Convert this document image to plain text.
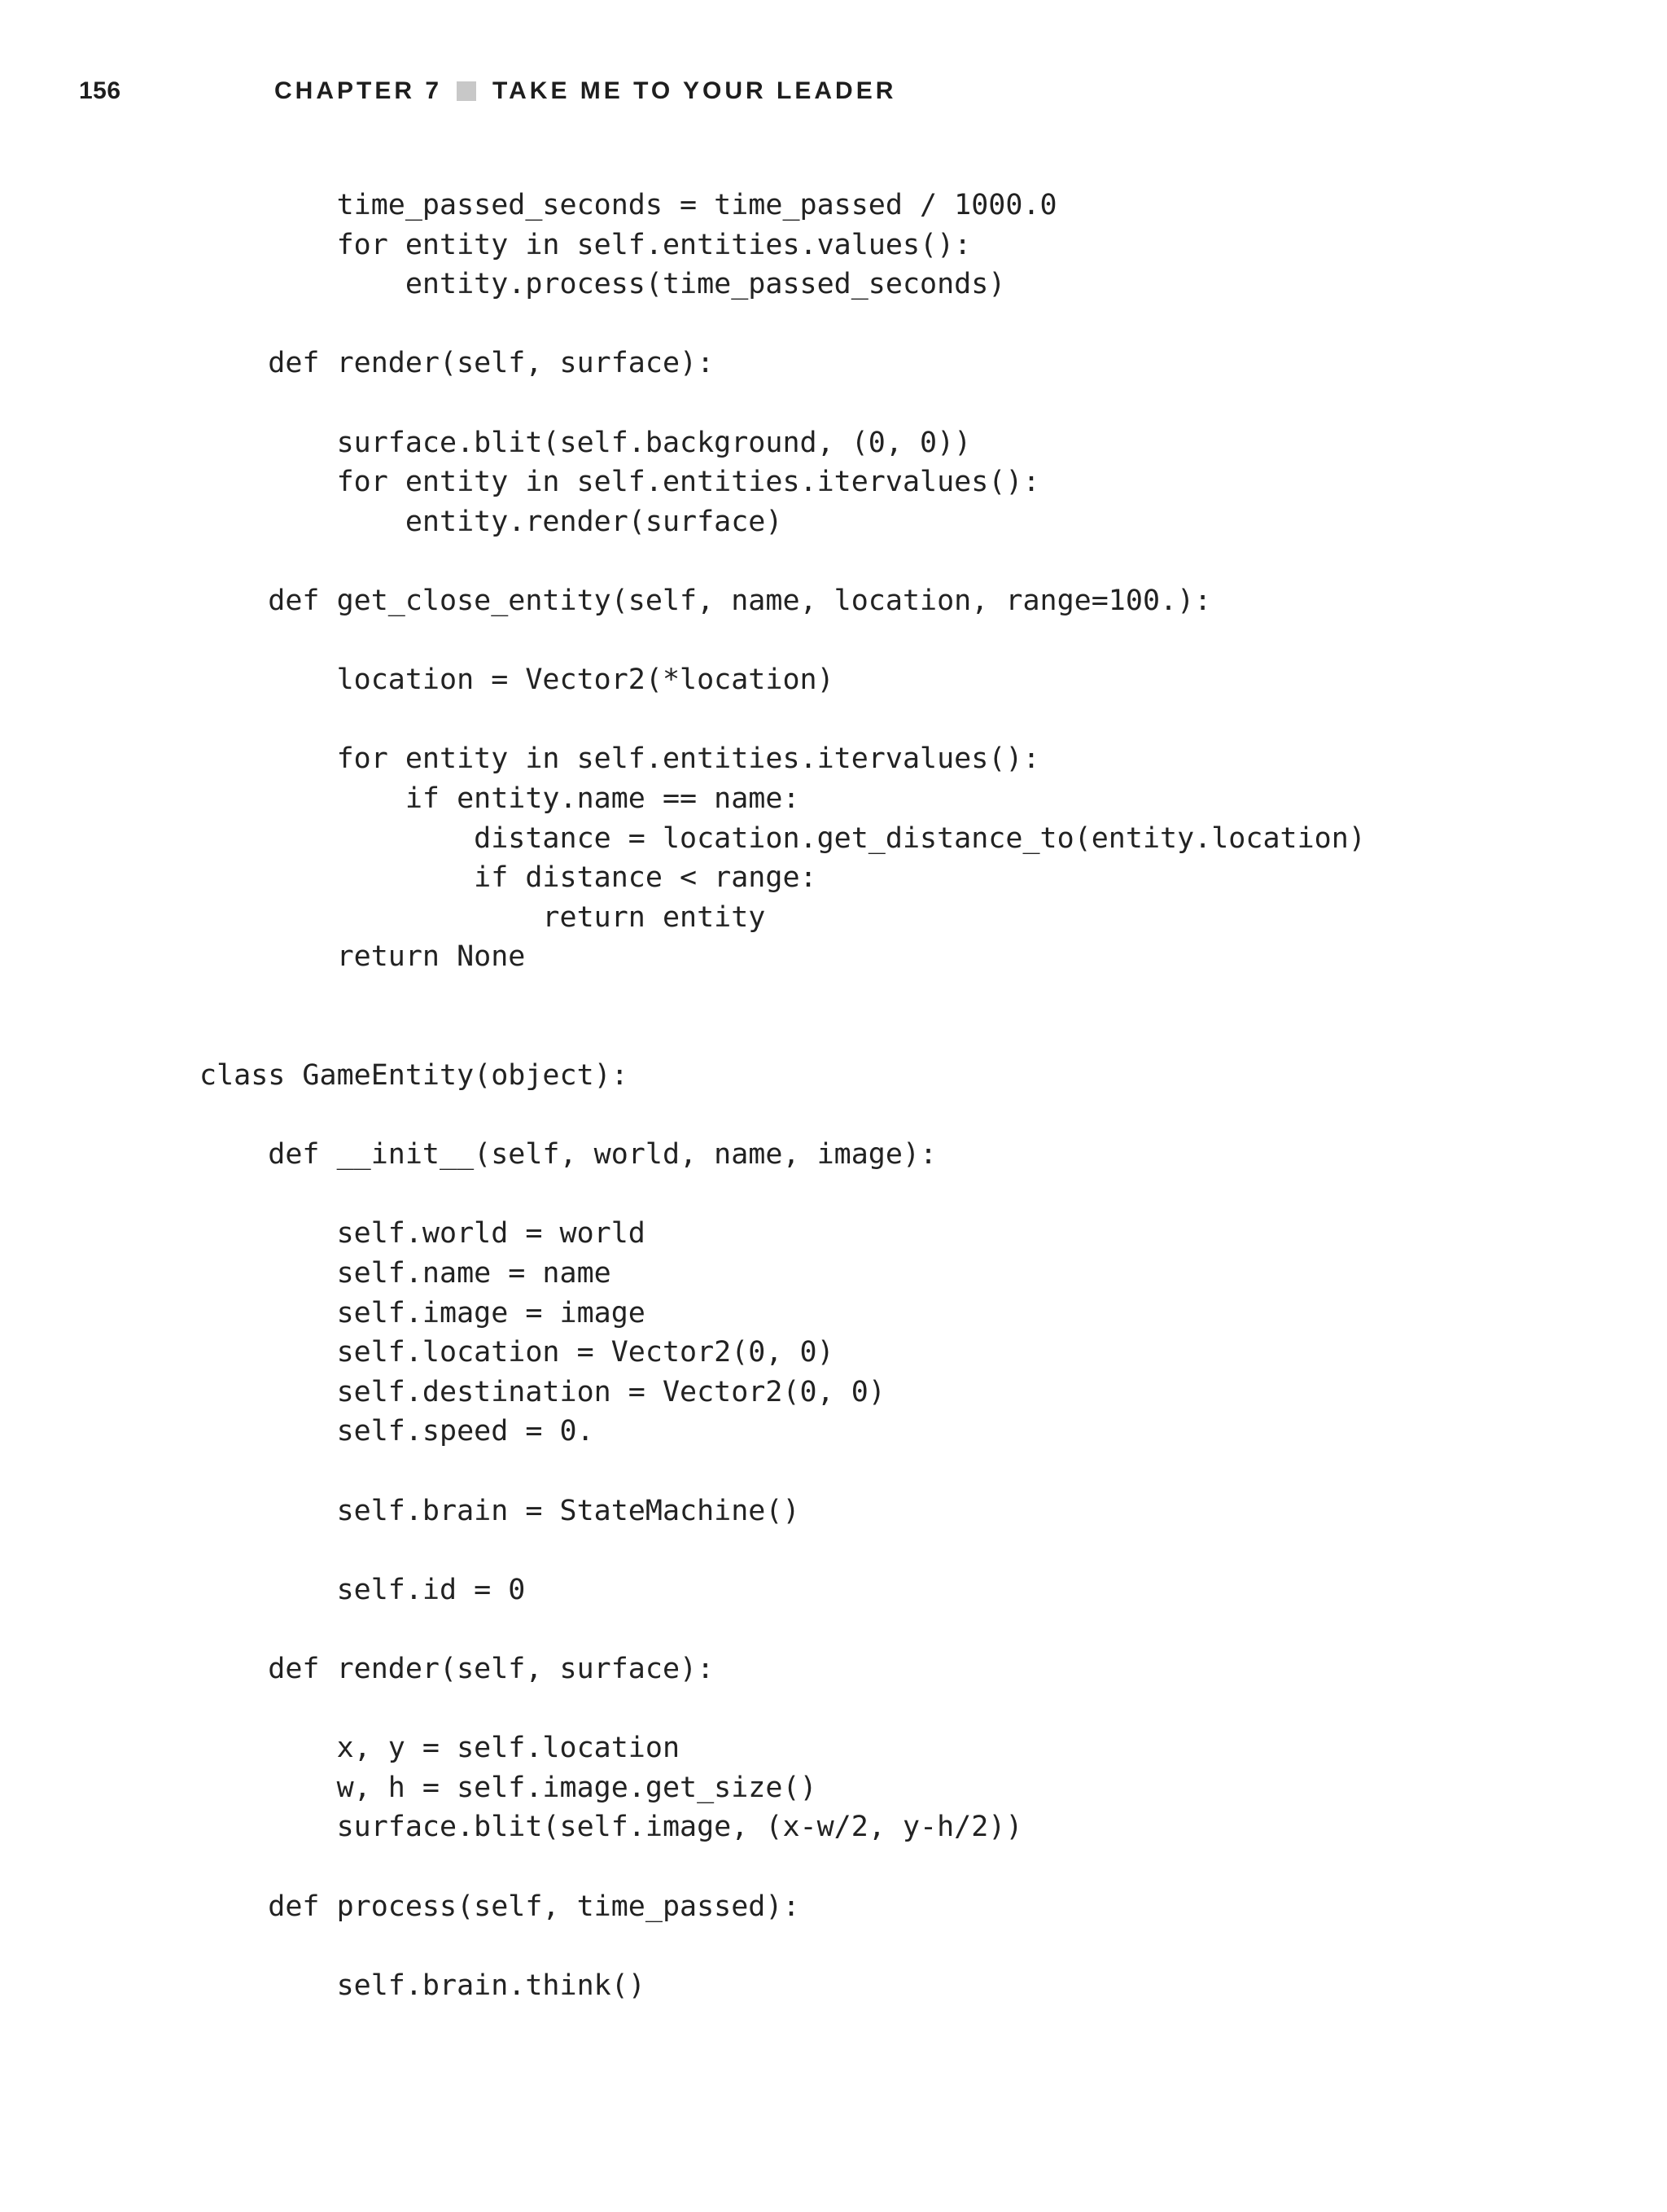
156	CHAPTER 7 TAKE ME TO YOUR LEADER
time_passed_seconds = time_passed / 1000.0
for entity in self.entities.values():
entity.process(time_passed_seconds)
def render(self, surface):
surface.blit(self.background, (0, 0))
for entity in self.entities.itervalues():
entity.render(surface)
def get_close_entity(self, name, location, range=100.):
location = Vector2(*location)
for entity in self.entities.itervalues():
if entity.name == name:
distance = location.get_distance_to(entity.location)
if distance < range:
return entity
return None
class GameEntity(object):
def __init__(self, world, name, image):
self.world = world
self.name = name
self.image = image
self.location = Vector2(0, 0)
self.destination = Vector2(0, 0)
self.speed = 0.
self.brain = StateMachine()
self.id = 0
def render(self, surface):
x, y = self.location
w, h = self.image.get_size()
surface.blit(self.image, (x-w/2, y-h/2))
def process(self, time_passed):
self.brain.think()
